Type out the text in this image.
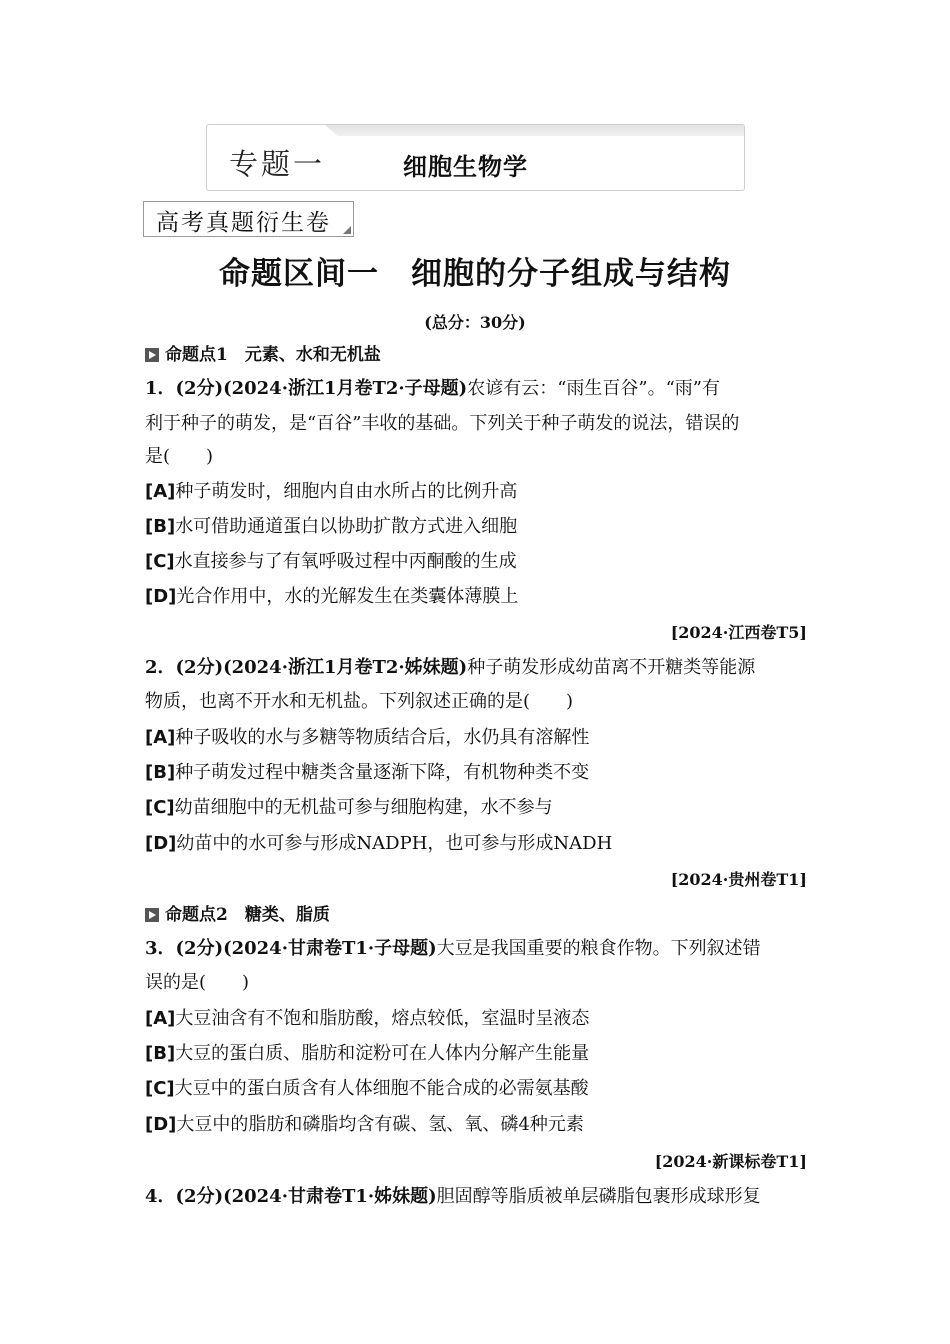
专题一	细胞生物学
高考真题衍生卷
命题区间一　细胞的分子组成与结构
(总分：30分)
命题点1　元素、水和无机盐
1．(2分)(2024·浙江1月卷T2·子母题)农谚有云：“雨生百谷”。“雨”有
利于种子的萌发，是“百谷”丰收的基础。下列关于种子萌发的说法，错误的
是(　　)
[A]种子萌发时，细胞内自由水所占的比例升高
[B]水可借助通道蛋白以协助扩散方式进入细胞
[C]水直接参与了有氧呼吸过程中丙酮酸的生成
[D]光合作用中，水的光解发生在类囊体薄膜上
[2024·江西卷T5]
2．(2分)(2024·浙江1月卷T2·姊妹题)种子萌发形成幼苗离不开糖类等能源
物质，也离不开水和无机盐。下列叙述正确的是(　　)
[A]种子吸收的水与多糖等物质结合后，水仍具有溶解性
[B]种子萌发过程中糖类含量逐渐下降，有机物种类不变
[C]幼苗细胞中的无机盐可参与细胞构建，水不参与
[D]幼苗中的水可参与形成NADPH，也可参与形成NADH
[2024·贵州卷T1]
命题点2　糖类、脂质
3．(2分)(2024·甘肃卷T1·子母题)大豆是我国重要的粮食作物。下列叙述错
误的是(　　)
[A]大豆油含有不饱和脂肪酸，熔点较低，室温时呈液态
[B]大豆的蛋白质、脂肪和淀粉可在人体内分解产生能量
[C]大豆中的蛋白质含有人体细胞不能合成的必需氨基酸
[D]大豆中的脂肪和磷脂均含有碳、氢、氧、磷4种元素
[2024·新课标卷T1]
4．(2分)(2024·甘肃卷T1·姊妹题)胆固醇等脂质被单层磷脂包裹形成球形复
